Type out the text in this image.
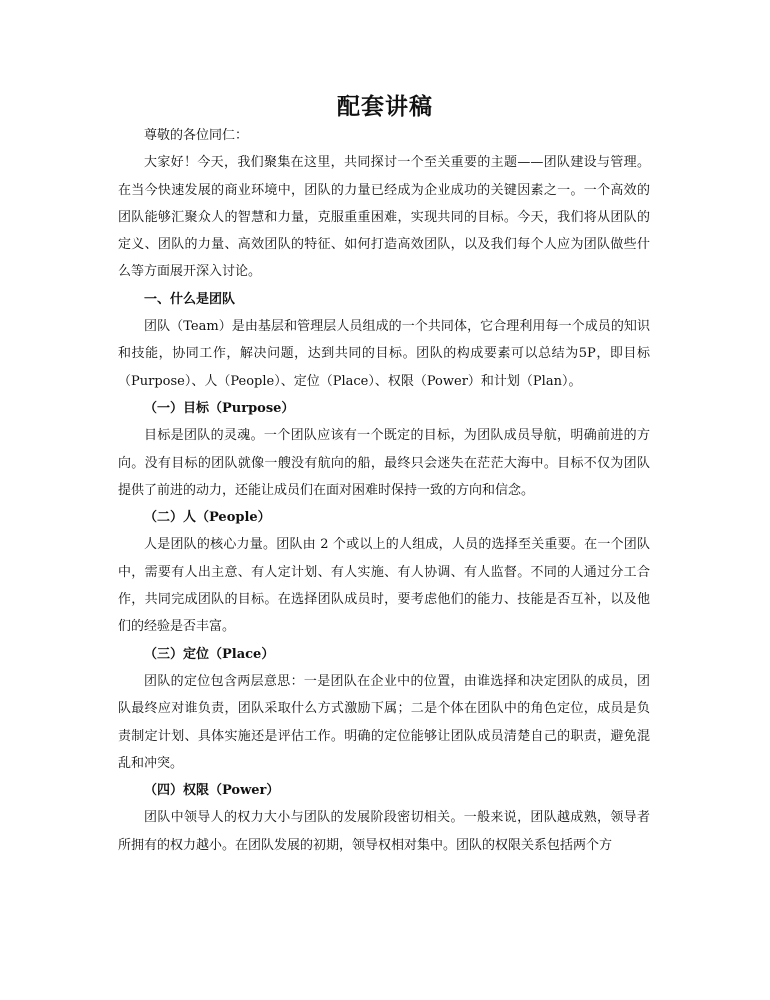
配套讲稿

尊敬的各位同仁：

大家好！今天，我们聚集在这里，共同探讨一个至关重要的主题——团队建设与管理。在当今快速发展的商业环境中，团队的力量已经成为企业成功的关键因素之一。一个高效的团队能够汇聚众人的智慧和力量，克服重重困难，实现共同的目标。今天，我们将从团队的定义、团队的力量、高效团队的特征、如何打造高效团队，以及我们每个人应为团队做些什么等方面展开深入讨论。

一、什么是团队

团队（Team）是由基层和管理层人员组成的一个共同体，它合理利用每一个成员的知识和技能，协同工作，解决问题，达到共同的目标。团队的构成要素可以总结为5P，即目标（Purpose）、人（People）、定位（Place）、权限（Power）和计划（Plan）。

（一）目标（Purpose）

目标是团队的灵魂。一个团队应该有一个既定的目标，为团队成员导航，明确前进的方向。没有目标的团队就像一艘没有航向的船，最终只会迷失在茫茫大海中。目标不仅为团队提供了前进的动力，还能让成员们在面对困难时保持一致的方向和信念。

（二）人（People）

人是团队的核心力量。团队由 2 个或以上的人组成，人员的选择至关重要。在一个团队中，需要有人出主意、有人定计划、有人实施、有人协调、有人监督。不同的人通过分工合作，共同完成团队的目标。在选择团队成员时，要考虑他们的能力、技能是否互补，以及他们的经验是否丰富。

（三）定位（Place）

团队的定位包含两层意思：一是团队在企业中的位置，由谁选择和决定团队的成员，团队最终应对谁负责，团队采取什么方式激励下属；二是个体在团队中的角色定位，成员是负责制定计划、具体实施还是评估工作。明确的定位能够让团队成员清楚自己的职责，避免混乱和冲突。

（四）权限（Power）

团队中领导人的权力大小与团队的发展阶段密切相关。一般来说，团队越成熟，领导者所拥有的权力越小。在团队发展的初期，领导权相对集中。团队的权限关系包括两个方
